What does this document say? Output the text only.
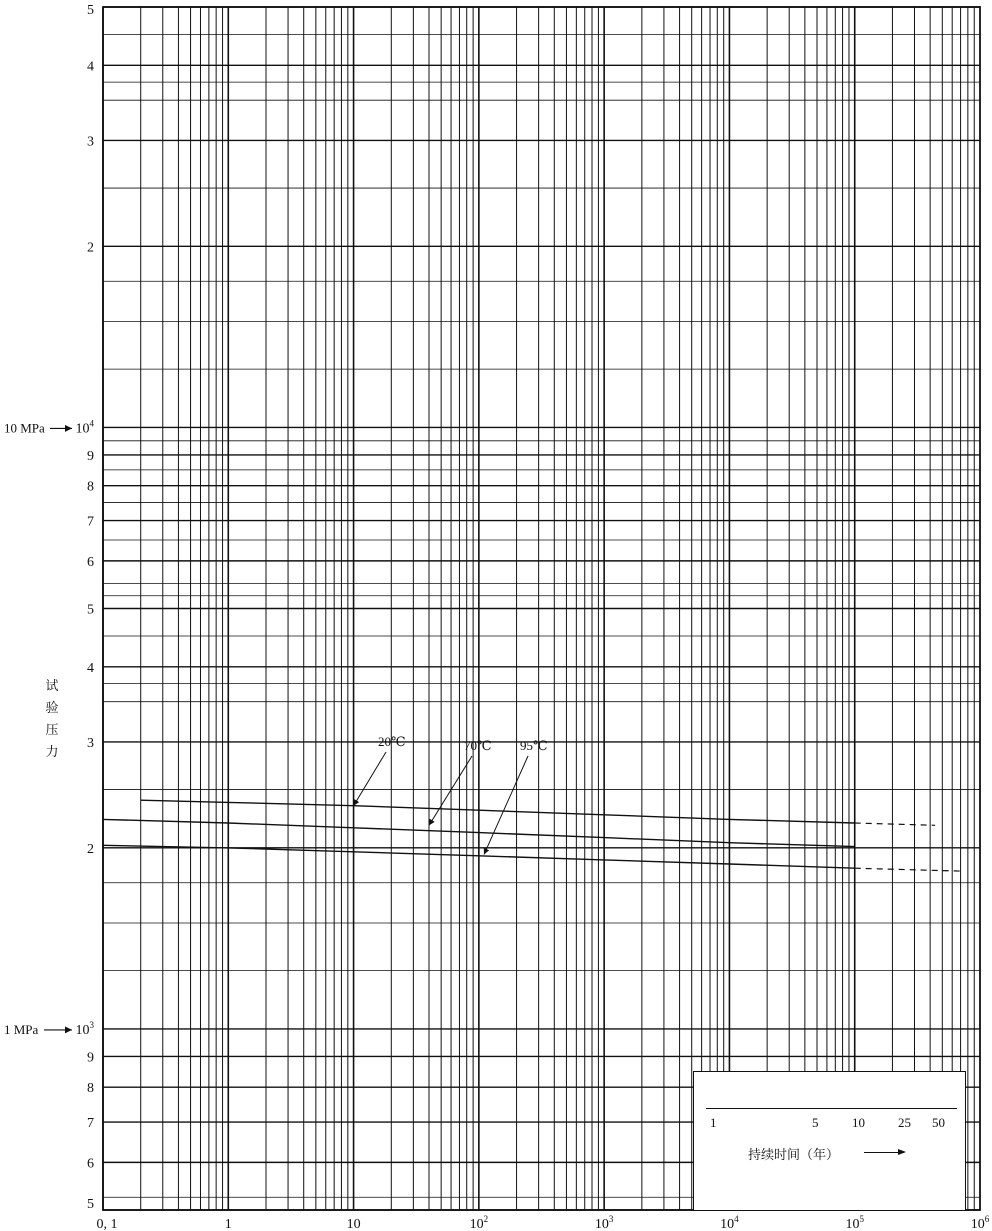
20℃	70℃ 95℃
0, 1	1	10	$10^2$	$10^3$	$10^4$	$10^5$	$10^6$
5
4
3
2
$10^4$
9
8
7
6
5
4
3
2
$10^3$
9
8
7
6
5
10 MPa
1 MPa
试
验
压
力
1	5	10	25 50
持续时间（年）
